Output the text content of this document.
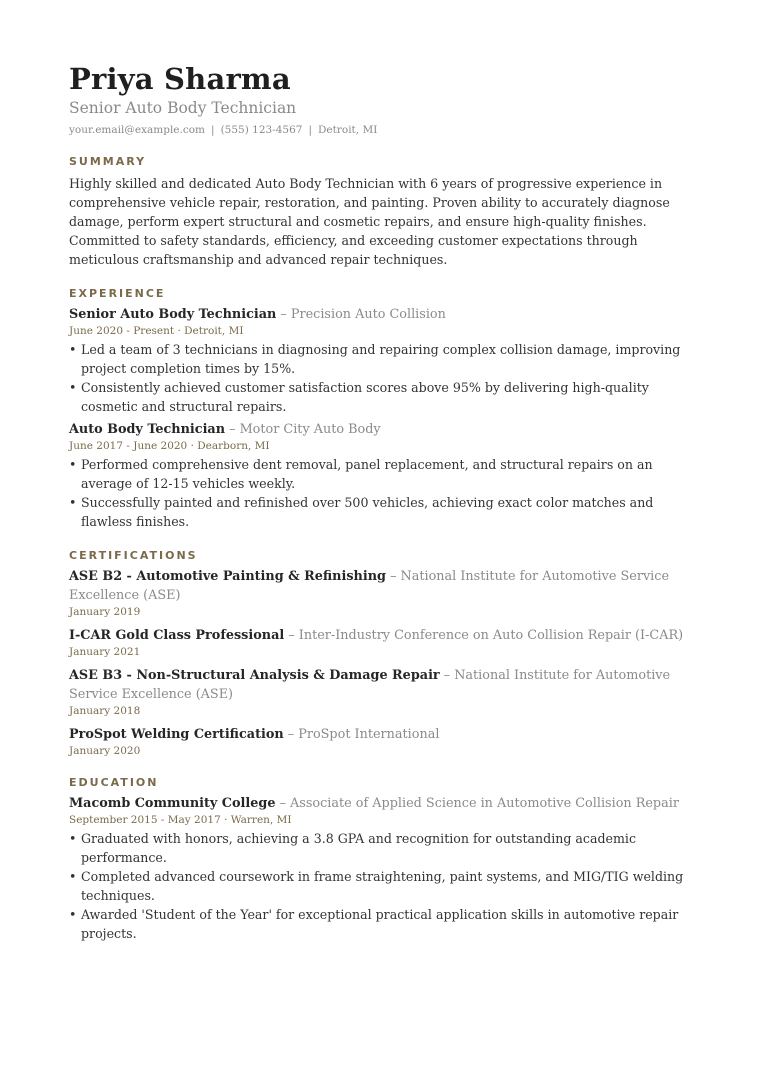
Priya Sharma
Senior Auto Body Technician
your.email@example.com | (555) 123-4567 | Detroit, MI
SUMMARY

Highly skilled and dedicated Auto Body Technician with 6 years of progressive experience in comprehensive vehicle repair, restoration, and painting. Proven ability to accurately diagnose damage, perform expert structural and cosmetic repairs, and ensure high-quality finishes. Committed to safety standards, efficiency, and exceeding customer expectations through meticulous craftsmanship and advanced repair techniques.

EXPERIENCE
Senior Auto Body Technician – Precision Auto Collision
June 2020 - Present · Detroit, MI
• Led a team of 3 technicians in diagnosing and repairing complex collision damage, improving project completion times by 15%.
• Consistently achieved customer satisfaction scores above 95% by delivering high-quality cosmetic and structural repairs.
Auto Body Technician – Motor City Auto Body
June 2017 - June 2020 · Dearborn, MI
• Performed comprehensive dent removal, panel replacement, and structural repairs on an average of 12-15 vehicles weekly.
• Successfully painted and refinished over 500 vehicles, achieving exact color matches and flawless finishes.
CERTIFICATIONS
ASE B2 - Automotive Painting & Refinishing – National Institute for Automotive Service Excellence (ASE)
January 2019
I-CAR Gold Class Professional – Inter-Industry Conference on Auto Collision Repair (I-CAR)
January 2021
ASE B3 - Non-Structural Analysis & Damage Repair – National Institute for Automotive Service Excellence (ASE)
January 2018
ProSpot Welding Certification – ProSpot International
January 2020
EDUCATION
Macomb Community College – Associate of Applied Science in Automotive Collision Repair
September 2015 - May 2017 · Warren, MI
• Graduated with honors, achieving a 3.8 GPA and recognition for outstanding academic performance.
• Completed advanced coursework in frame straightening, paint systems, and MIG/TIG welding techniques.
• Awarded 'Student of the Year' for exceptional practical application skills in automotive repair projects.
